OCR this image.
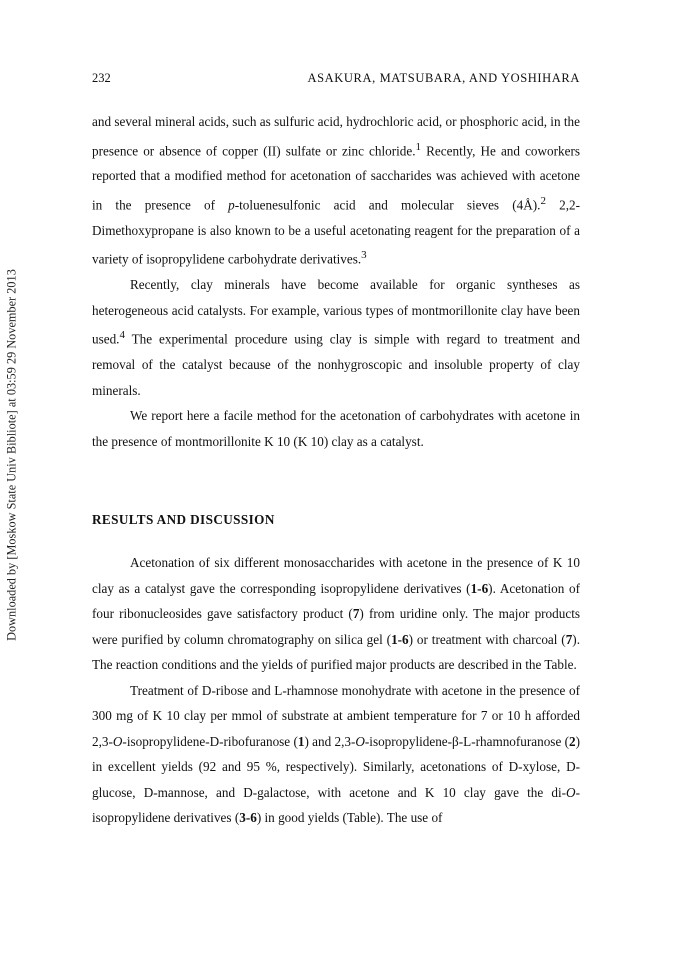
Downloaded by [Moskow State Univ Bibliote] at 03:59 29 November 2013
232	ASAKURA, MATSUBARA, AND YOSHIHARA

and several mineral acids, such as sulfuric acid, hydrochloric acid, or phosphoric acid, in the presence or absence of copper (II) sulfate or zinc chloride.$^1$ Recently, He and coworkers reported that a modified method for acetonation of saccharides was achieved with acetone in the presence of p-toluenesulfonic acid and molecular sieves (4Å).$^2$ 2,2-Dimethoxypropane is also known to be a useful acetonating reagent for the preparation of a variety of isopropylidene carbohydrate derivatives.$^3$

Recently, clay minerals have become available for organic syntheses as heterogeneous acid catalysts. For example, various types of montmorillonite clay have been used.$^4$ The experimental procedure using clay is simple with regard to treatment and removal of the catalyst because of the nonhygroscopic and insoluble property of clay minerals.

We report here a facile method for the acetonation of carbohydrates with acetone in the presence of montmorillonite K 10 (K 10) clay as a catalyst.

RESULTS AND DISCUSSION

Acetonation of six different monosaccharides with acetone in the presence of K 10 clay as a catalyst gave the corresponding isopropylidene derivatives (1-6). Acetonation of four ribonucleosides gave satisfactory product (7) from uridine only. The major products were purified by column chromatography on silica gel (1-6) or treatment with charcoal (7). The reaction conditions and the yields of purified major products are described in the Table.

Treatment of D-ribose and L-rhamnose monohydrate with acetone in the presence of 300 mg of K 10 clay per mmol of substrate at ambient temperature for 7 or 10 h afforded 2,3-O-isopropylidene-D-ribofuranose (1) and 2,3-O-isopropylidene-β-L-rhamnofuranose (2) in excellent yields (92 and 95 %, respectively). Similarly, acetonations of D-xylose, D-glucose, D-mannose, and D-galactose, with acetone and K 10 clay gave the di-O-isopropylidene derivatives (3-6) in good yields (Table). The use of
